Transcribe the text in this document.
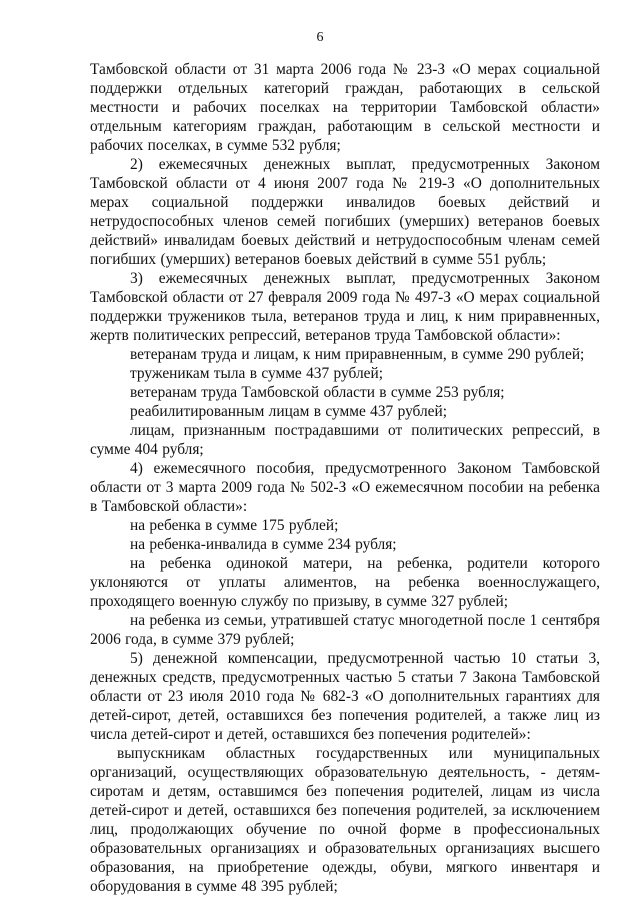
6

Тамбовской области от 31 марта 2006 года № 23-З «О мерах социальной поддержки отдельных категорий граждан, работающих в сельской местности и рабочих поселках на территории Тамбовской области» отдельным категориям граждан, работающим в сельской местности и рабочих поселках, в сумме 532 рубля;

2) ежемесячных денежных выплат, предусмотренных Законом Тамбовской области от 4 июня 2007 года № 219-З «О дополнительных мерах социальной поддержки инвалидов боевых действий и нетрудоспособных членов семей погибших (умерших) ветеранов боевых действий» инвалидам боевых действий и нетрудоспособным членам семей погибших (умерших) ветеранов боевых действий в сумме 551 рубль;

3) ежемесячных денежных выплат, предусмотренных Законом Тамбовской области от 27 февраля 2009 года № 497-З «О мерах социальной поддержки тружеников тыла, ветеранов труда и лиц, к ним приравненных, жертв политических репрессий, ветеранов труда Тамбовской области»:

ветеранам труда и лицам, к ним приравненным, в сумме 290 рублей;

труженикам тыла в сумме 437 рублей;

ветеранам труда Тамбовской области в сумме 253 рубля;

реабилитированным лицам в сумме 437 рублей;

лицам, признанным пострадавшими от политических репрессий, в сумме 404 рубля;

4) ежемесячного пособия, предусмотренного Законом Тамбовской области от 3 марта 2009 года № 502-З «О ежемесячном пособии на ребенка в Тамбовской области»:

на ребенка в сумме 175 рублей;

на ребенка-инвалида в сумме 234 рубля;

на ребенка одинокой матери, на ребенка, родители которого уклоняются от уплаты алиментов, на ребенка военнослужащего, проходящего военную службу по призыву, в сумме 327 рублей;

на ребенка из семьи, утратившей статус многодетной после 1 сентября 2006 года, в сумме 379 рублей;

5) денежной компенсации, предусмотренной частью 10 статьи 3, денежных средств, предусмотренных частью 5 статьи 7 Закона Тамбовской области от 23 июля 2010 года № 682-З «О дополнительных гарантиях для детей-сирот, детей, оставшихся без попечения родителей, а также лиц из числа детей-сирот и детей, оставшихся без попечения родителей»:

выпускникам областных государственных или муниципальных организаций, осуществляющих образовательную деятельность, - детям-сиротам и детям, оставшимся без попечения родителей, лицам из числа детей-сирот и детей, оставшихся без попечения родителей, за исключением лиц, продолжающих обучение по очной форме в профессиональных образовательных организациях и образовательных организациях высшего образования, на приобретение одежды, обуви, мягкого инвентаря и оборудования в сумме 48 395 рублей;
